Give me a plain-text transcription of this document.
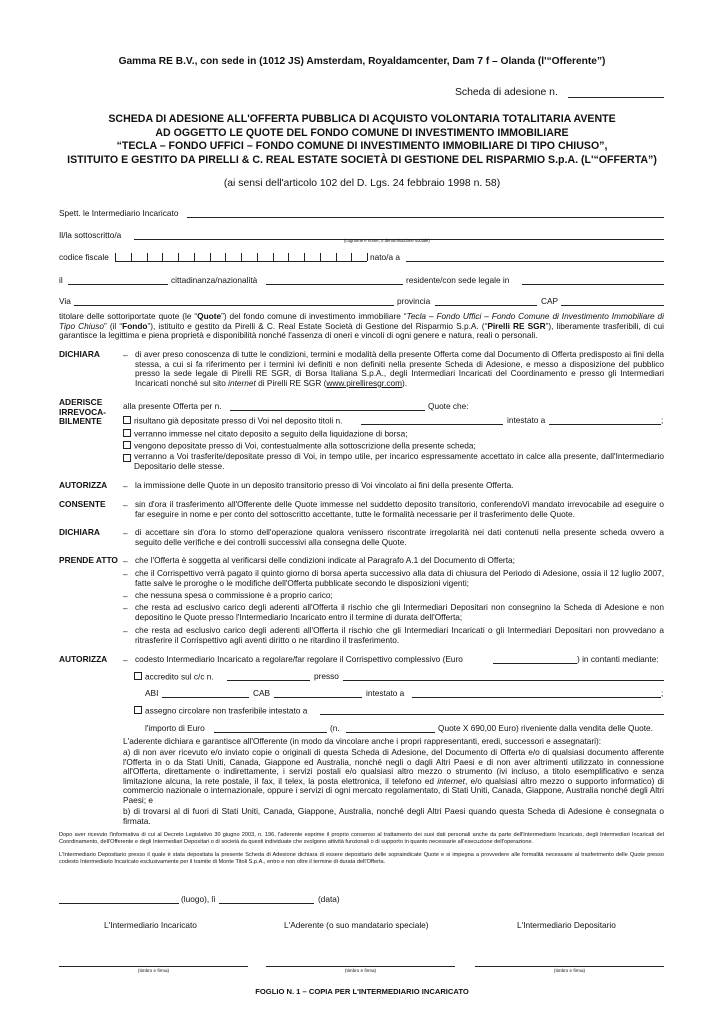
Gamma RE B.V., con sede in (1012 JS) Amsterdam, Royaldamcenter, Dam 7 f – Olanda (l'“Offerente”)
Scheda di adesione n.
SCHEDA DI ADESIONE ALL'OFFERTA PUBBLICA DI ACQUISTO VOLONTARIA TOTALITARIA AVENTE
AD OGGETTO LE QUOTE DEL FONDO COMUNE DI INVESTIMENTO IMMOBILIARE
“TECLA – FONDO UFFICI – FONDO COMUNE DI INVESTIMENTO IMMOBILIARE DI TIPO CHIUSO”,
ISTITUITO E GESTITO DA PIRELLI & C. REAL ESTATE SOCIETÀ DI GESTIONE DEL RISPARMIO S.p.A. (L'“OFFERTA”)
(ai sensi dell'articolo 102 del D. Lgs. 24 febbraio 1998 n. 58)
Spett. le Intermediario Incaricato
Il/la sottoscritto/a
(cognome e nome, o denominazione sociale)
codice fiscale	nato/a a
il	cittadinanza/nazionalità	residente/con sede legale in
Via	provincia	CAP
titolare delle sottoriportate quote (le “Quote”) del fondo comune di investimento immobiliare “Tecla – Fondo Uffici – Fondo Comune di Investimento Immobiliare di Tipo Chiuso” (il “Fondo”), istituito e gestito da Pirelli & C. Real Estate Società di Gestione del Risparmio S.p.A. (“Pirelli RE SGR”), liberamente trasferibili, di cui garantisce la legittima e piena proprietà e disponibilità nonché l'assenza di oneri e vincoli di ogni genere e natura, reali o personali.
DICHIARA	– di aver preso conoscenza di tutte le condizioni, termini e modalità della presente Offerta come dal Documento di Offerta predisposto ai fini della stessa, a cui si fa riferimento per i termini ivi definiti e non definiti nella presente Scheda di Adesione, e messo a disposizione del pubblico presso la sede legale di Pirelli RE SGR, di Borsa Italiana S.p.A., degli Intermediari Incaricati del Coordinamento e presso gli Intermediari Incaricati nonché sul sito internet di Pirelli RE SGR (www.pirelliresgr.com).
ADERISCE
IRREVOCA-
BILMENTE
alla presente Offerta per n.	Quote che:
risultano già depositate presso di Voi nel deposito titoli n.	intestato a	;
verranno immesse nel citato deposito a seguito della liquidazione di borsa;
vengono depositate presso di Voi, contestualmente alla sottoscrizione della presente scheda;
verranno a Voi trasferite/depositate presso di Voi, in tempo utile, per incarico espressamente accettato in calce alla presente, dall'Intermediario Depositario delle stesse.
AUTORIZZA – la immissione delle Quote in un deposito transitorio presso di Voi vincolato ai fini della presente Offerta.
CONSENTE – sin d'ora il trasferimento all'Offerente delle Quote immesse nel suddetto deposito transitorio, conferendoVi mandato irrevocabile ad eseguire o far eseguire in nome e per conto del sottoscritto accettante, tutte le formalità necessarie per il trasferimento delle Quote.
DICHIARA	– di accettare sin d'ora lo storno dell'operazione qualora venissero riscontrate irregolarità nei dati contenuti nella presente scheda ovvero a seguito delle verifiche e dei controlli successivi alla consegna delle Quote.
PRENDE ATTO – che l'Offerta è soggetta al verificarsi delle condizioni indicate al Paragrafo A.1 del Documento di Offerta;
– che il Corrispettivo verrà pagato il quinto giorno di borsa aperta successivo alla data di chiusura del Periodo di Adesione, ossia il 12 luglio 2007, fatte salve le proroghe o le modifiche dell'Offerta pubblicate secondo le disposizioni vigenti;
– che nessuna spesa o commissione è a proprio carico;
– che resta ad esclusivo carico degli aderenti all'Offerta il rischio che gli Intermediari Depositari non consegnino la Scheda di Adesione e non depositino le Quote presso l'Intermediario Incaricato entro il termine di durata dell'Offerta;
– che resta ad esclusivo carico degli aderenti all'Offerta il rischio che gli Intermediari Incaricati o gli Intermediari Depositari non provvedano a ritrasferire il Corrispettivo agli aventi diritto o ne ritardino il trasferimento.
AUTORIZZA – codesto Intermediario Incaricato a regolare/far regolare il Corrispettivo complessivo (Euro	) in contanti mediante:
accredito sul c/c n.	presso
ABI	CAB	intestato a	;
assegno circolare non trasferibile intestato a
l'importo di Euro	(n.	Quote X 690,00 Euro) riveniente dalla vendita delle Quote.
L'aderente dichiara e garantisce all'Offerente (in modo da vincolare anche i propri rappresentanti, eredi, successori e assegnatari):
a) di non aver ricevuto e/o inviato copie o originali di questa Scheda di Adesione, del Documento di Offerta e/o di qualsiasi documento afferente l'Offerta in o da Stati Uniti, Canada, Giappone ed Australia, nonché negli o dagli Altri Paesi e di non aver altrimenti utilizzato in connessione all'Offerta, direttamente o indirettamente, i servizi postali e/o qualsiasi altro mezzo o strumento (ivi incluso, a titolo esemplificativo e senza limitazione alcuna, la rete postale, il fax, il telex, la posta elettronica, il telefono ed internet, e/o qualsiasi altro mezzo o supporto informatico) di commercio nazionale o internazionale, oppure i servizi di ogni mercato regolamentato, di Stati Uniti, Canada, Giappone, Australia nonché degli Altri Paesi; e
b) di trovarsi al di fuori di Stati Uniti, Canada, Giappone, Australia, nonché degli Altri Paesi quando questa Scheda di Adesione è consegnata o firmata.
Dopo aver ricevuto l'informativa di cui al Decreto Legislativo 30 giugno 2003, n. 196, l'aderente esprime il proprio consenso al trattamento dei suoi dati personali anche da parte dell'Intermediario Incaricato, degli Intermediari Incaricati del Coordinamento, dell'Offerente e degli Intermediari Depositari o di società da questi individuate che svolgono attività funzionali o di supporto in quanto necessarie all'esecuzione dell'operazione.
L'Intermediario Depositario presso il quale è stata depositata la presente Scheda di Adesione dichiara di essere depositario delle sopraindicate Quote e si impegna a provvedere alle formalità necessarie al trasferimento delle Quote presso codesto Intermediario Incaricato esclusivamente per il tramite di Monte Titoli S.p.A., entro e non oltre il termine di durata dell'Offerta.
(luogo), lì	(data)
L'Intermediario Incaricato	L'Aderente (o suo mandatario speciale)	L'Intermediario Depositario
(timbro e firma)	(timbro e firma)	(timbro e firma)
FOGLIO N. 1 – COPIA PER L'INTERMEDIARIO INCARICATO
